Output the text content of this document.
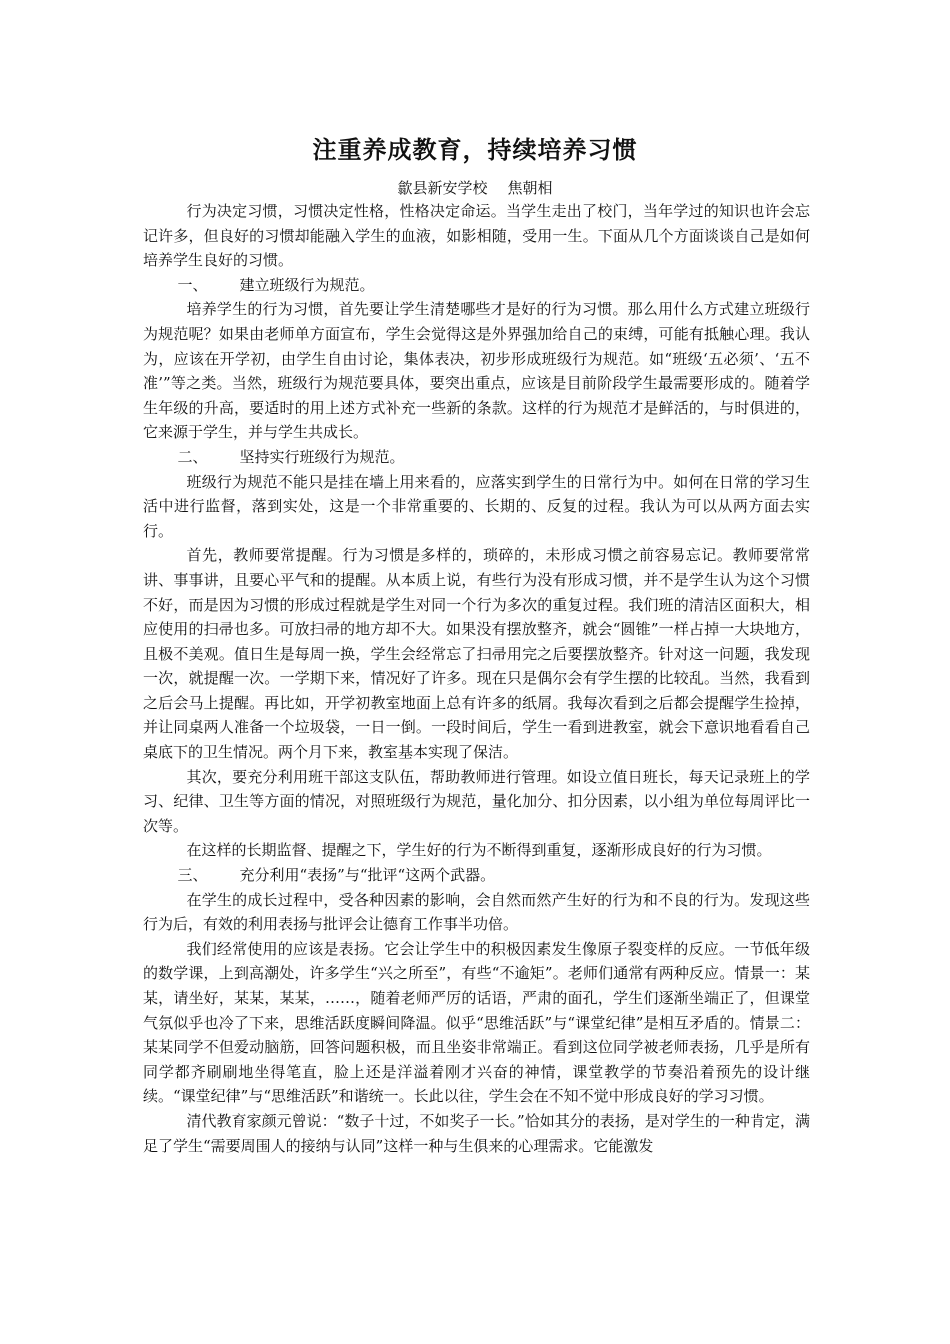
注重养成教育，持续培养习惯
歙县新安学校 焦朝相

行为决定习惯，习惯决定性格，性格决定命运。当学生走出了校门，当年学过的知识也许会忘记许多，但良好的习惯却能融入学生的血液，如影相随，受用一生。下面从几个方面谈谈自己是如何培养学生良好的习惯。

一、 建立班级行为规范。

培养学生的行为习惯，首先要让学生清楚哪些才是好的行为习惯。那么用什么方式建立班级行为规范呢？如果由老师单方面宣布，学生会觉得这是外界强加给自己的束缚，可能有抵触心理。我认为，应该在开学初，由学生自由讨论，集体表决，初步形成班级行为规范。如“班级‘五必须’、‘五不准’”等之类。当然，班级行为规范要具体，要突出重点，应该是目前阶段学生最需要形成的。随着学生年级的升高，要适时的用上述方式补充一些新的条款。这样的行为规范才是鲜活的，与时俱进的，它来源于学生，并与学生共成长。

二、 坚持实行班级行为规范。

班级行为规范不能只是挂在墙上用来看的，应落实到学生的日常行为中。如何在日常的学习生活中进行监督，落到实处，这是一个非常重要的、长期的、反复的过程。我认为可以从两方面去实行。

首先，教师要常提醒。行为习惯是多样的，琐碎的，未形成习惯之前容易忘记。教师要常常讲、事事讲，且要心平气和的提醒。从本质上说，有些行为没有形成习惯，并不是学生认为这个习惯不好，而是因为习惯的形成过程就是学生对同一个行为多次的重复过程。我们班的清洁区面积大，相应使用的扫帚也多。可放扫帚的地方却不大。如果没有摆放整齐，就会“圆锥”一样占掉一大块地方，且极不美观。值日生是每周一换，学生会经常忘了扫帚用完之后要摆放整齐。针对这一问题，我发现一次，就提醒一次。一学期下来，情况好了许多。现在只是偶尔会有学生摆的比较乱。当然，我看到之后会马上提醒。再比如，开学初教室地面上总有许多的纸屑。我每次看到之后都会提醒学生捡掉，并让同桌两人准备一个垃圾袋，一日一倒。一段时间后，学生一看到进教室，就会下意识地看看自己桌底下的卫生情况。两个月下来，教室基本实现了保洁。

其次，要充分利用班干部这支队伍，帮助教师进行管理。如设立值日班长，每天记录班上的学习、纪律、卫生等方面的情况，对照班级行为规范，量化加分、扣分因素，以小组为单位每周评比一次等。

在这样的长期监督、提醒之下，学生好的行为不断得到重复，逐渐形成良好的行为习惯。

三、 充分利用“表扬”与“批评“这两个武器。

在学生的成长过程中，受各种因素的影响，会自然而然产生好的行为和不良的行为。发现这些行为后，有效的利用表扬与批评会让德育工作事半功倍。

我们经常使用的应该是表扬。它会让学生中的积极因素发生像原子裂变样的反应。一节低年级的数学课，上到高潮处，许多学生“兴之所至”，有些“不逾矩”。老师们通常有两种反应。情景一：某某，请坐好，某某，某某，……，随着老师严厉的话语，严肃的面孔，学生们逐渐坐端正了，但课堂气氛似乎也冷了下来，思维活跃度瞬间降温。似乎“思维活跃”与“课堂纪律”是相互矛盾的。情景二：某某同学不但爱动脑筋，回答问题积极，而且坐姿非常端正。看到这位同学被老师表扬，几乎是所有同学都齐刷刷地坐得笔直，脸上还是洋溢着刚才兴奋的神情，课堂教学的节奏沿着预先的设计继续。“课堂纪律”与“思维活跃”和谐统一。长此以往，学生会在不知不觉中形成良好的学习习惯。

清代教育家颜元曾说：“数子十过，不如奖子一长。”恰如其分的表扬，是对学生的一种肯定，满足了学生“需要周围人的接纳与认同”这样一种与生俱来的心理需求。它能激发
